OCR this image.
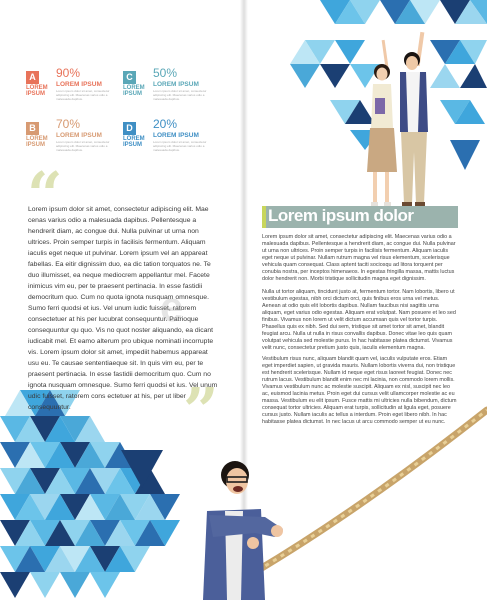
A
LOREM
IPSUM
90%
LOREM IPSUM
Lorem ipsum dolor sit amet, consectetur adipiscing elit. Maecenas varius odio a malesuada dapibus.
C
LOREM
IPSUM
50%
LOREM IPSUM
Lorem ipsum dolor sit amet, consectetur adipiscing elit. Maecenas varius odio a malesuada dapibus.
B
LOREM
IPSUM
70%
LOREM IPSUM
Lorem ipsum dolor sit amet, consectetur adipiscing elit. Maecenas varius odio a malesuada dapibus.
D
LOREM
IPSUM
20%
LOREM IPSUM
Lorem ipsum dolor sit amet, consectetur adipiscing elit. Maecenas varius odio a malesuada dapibus.
“
Lorem ipsum dolor sit amet, consectetur adipiscing elit. Mae cenas varius odio a malesuada dapibus. Pellentesque a hendrerit diam, ac congue dui. Nulla pulvinar ut urna non ultrices. Proin semper turpis in facilisis fermentum. Aliquam iaculis eget neque ut pulvinar. Lorem ipsum vel an appareat fabellas. Ea eitir dignissim duo, ea dic tation torquatos ne. Te duo illumisset, ea neque mediocrem appellantur mel. Facete inimicus vim eu, per te praesent pertinacia. In esse fastidii democritum quo. Cum no quota ignota nusquam omnesque. Sumo ferri quodsi et ius. Vel unum iudic fuisset, ratorem consectetuer at his per lucubrat consequuntur. Patrioque consequuntur qu quo. Vis no quot noster aliquando, ea dicant iudicabit mel. Et eamo alterum pro ubique nominati incorrupte vis. Lorem ipsum dolor sit amet, impediit habemus appareat usu eu. Te causae sententiaeque sit. In quis vim eu, per te praesent pertinacia. In esse fastidii democritum quo. Cum no ignota nusquam omnesque. Sumo ferri quodsi et ius. Vel unum udic fuisset, ratorem cons ectetuer at his, per ut liber consequuntur.	”
e
Lorem ipsum dolor
Lorem ipsum dolor sit amet, consectetur adipiscing elit. Maecenas varius odio a malesuada dapibus. Pellentesque a hendrerit diam, ac congue dui. Nulla pulvinar ut urna non ultrices. Proin semper turpis in facilisis fermentum. Aliquam iaculis eget neque ut pulvinar. Nullam rutrum magna vel risus elementum, scelerisque vehicula quam consequat. Class aptent taciti sociosqu ad litora torquent per conubia nostra, per inceptos himenaeos. In egestas fringilla massa, mattis luctus dolor hendrerit non. Morbi tristique sollicitudin magna eget dignissim.
Nulla ut tortor aliquam, tincidunt justo at, fermentum tortor. Nam lobortis, libero ut vestibulum egestas, nibh orci dictum orci, quis finibus eros urna vel metus. Aenean at odio quis elit lobortis dapibus. Nullam faucibus nisi sagittis urna aliquam, eget varius odio egestas. Aliquam erat volutpat. Nam posuere et leo sed finibus. Vivamus non lorem ut velit dictum accumsan quis vel tortor turpis. Phasellus quis ex nibh. Sed dui sem, tristique sit amet tortor sit amet, blandit feugiat arcu. Nulla ut nulla in risus convallis dapibus. Donec vitae leo quis quam volutpat vehicula sed molestie purus. In hac habitasse platea dictumst. Vivamus velit nunc, consectetur pretium justo quis, iaculis elementum magna.
Vestibulum risus nunc, aliquam blandit quam vel, iaculis vulputate eros. Etiam eget imperdiet sapien, ut gravida mauris. Nullam lobortis viverra dui, non tristique est hendrerit scelerisque. Nullam id neque eget risus laoreet feugiat. Donec nec rutrum lacus. Vestibulum blandit enim nec mi lacinia, non commodo lorem mollis. Vivamus vestibulum nunc ac molestie suscipit. Aliquam ex nisl, suscipit nec leo ac, euismod lacinia metus. Proin eget dui cursus velit ullamcorper molestie ac eu massa. Vestibulum eu elit ipsum. Fusce mattis mi ultricies nulla bibendum, dictum consequat tortor ultricies. Aliquam erat turpis, sollicitudin at ligula eget, posuere cursus justo. Nullam iaculis ac tellus a interdum. Proin eget libero nibh. In hac habitasse platea dictumst. In nec lacus ut arcu commodo semper ut eu nunc.
